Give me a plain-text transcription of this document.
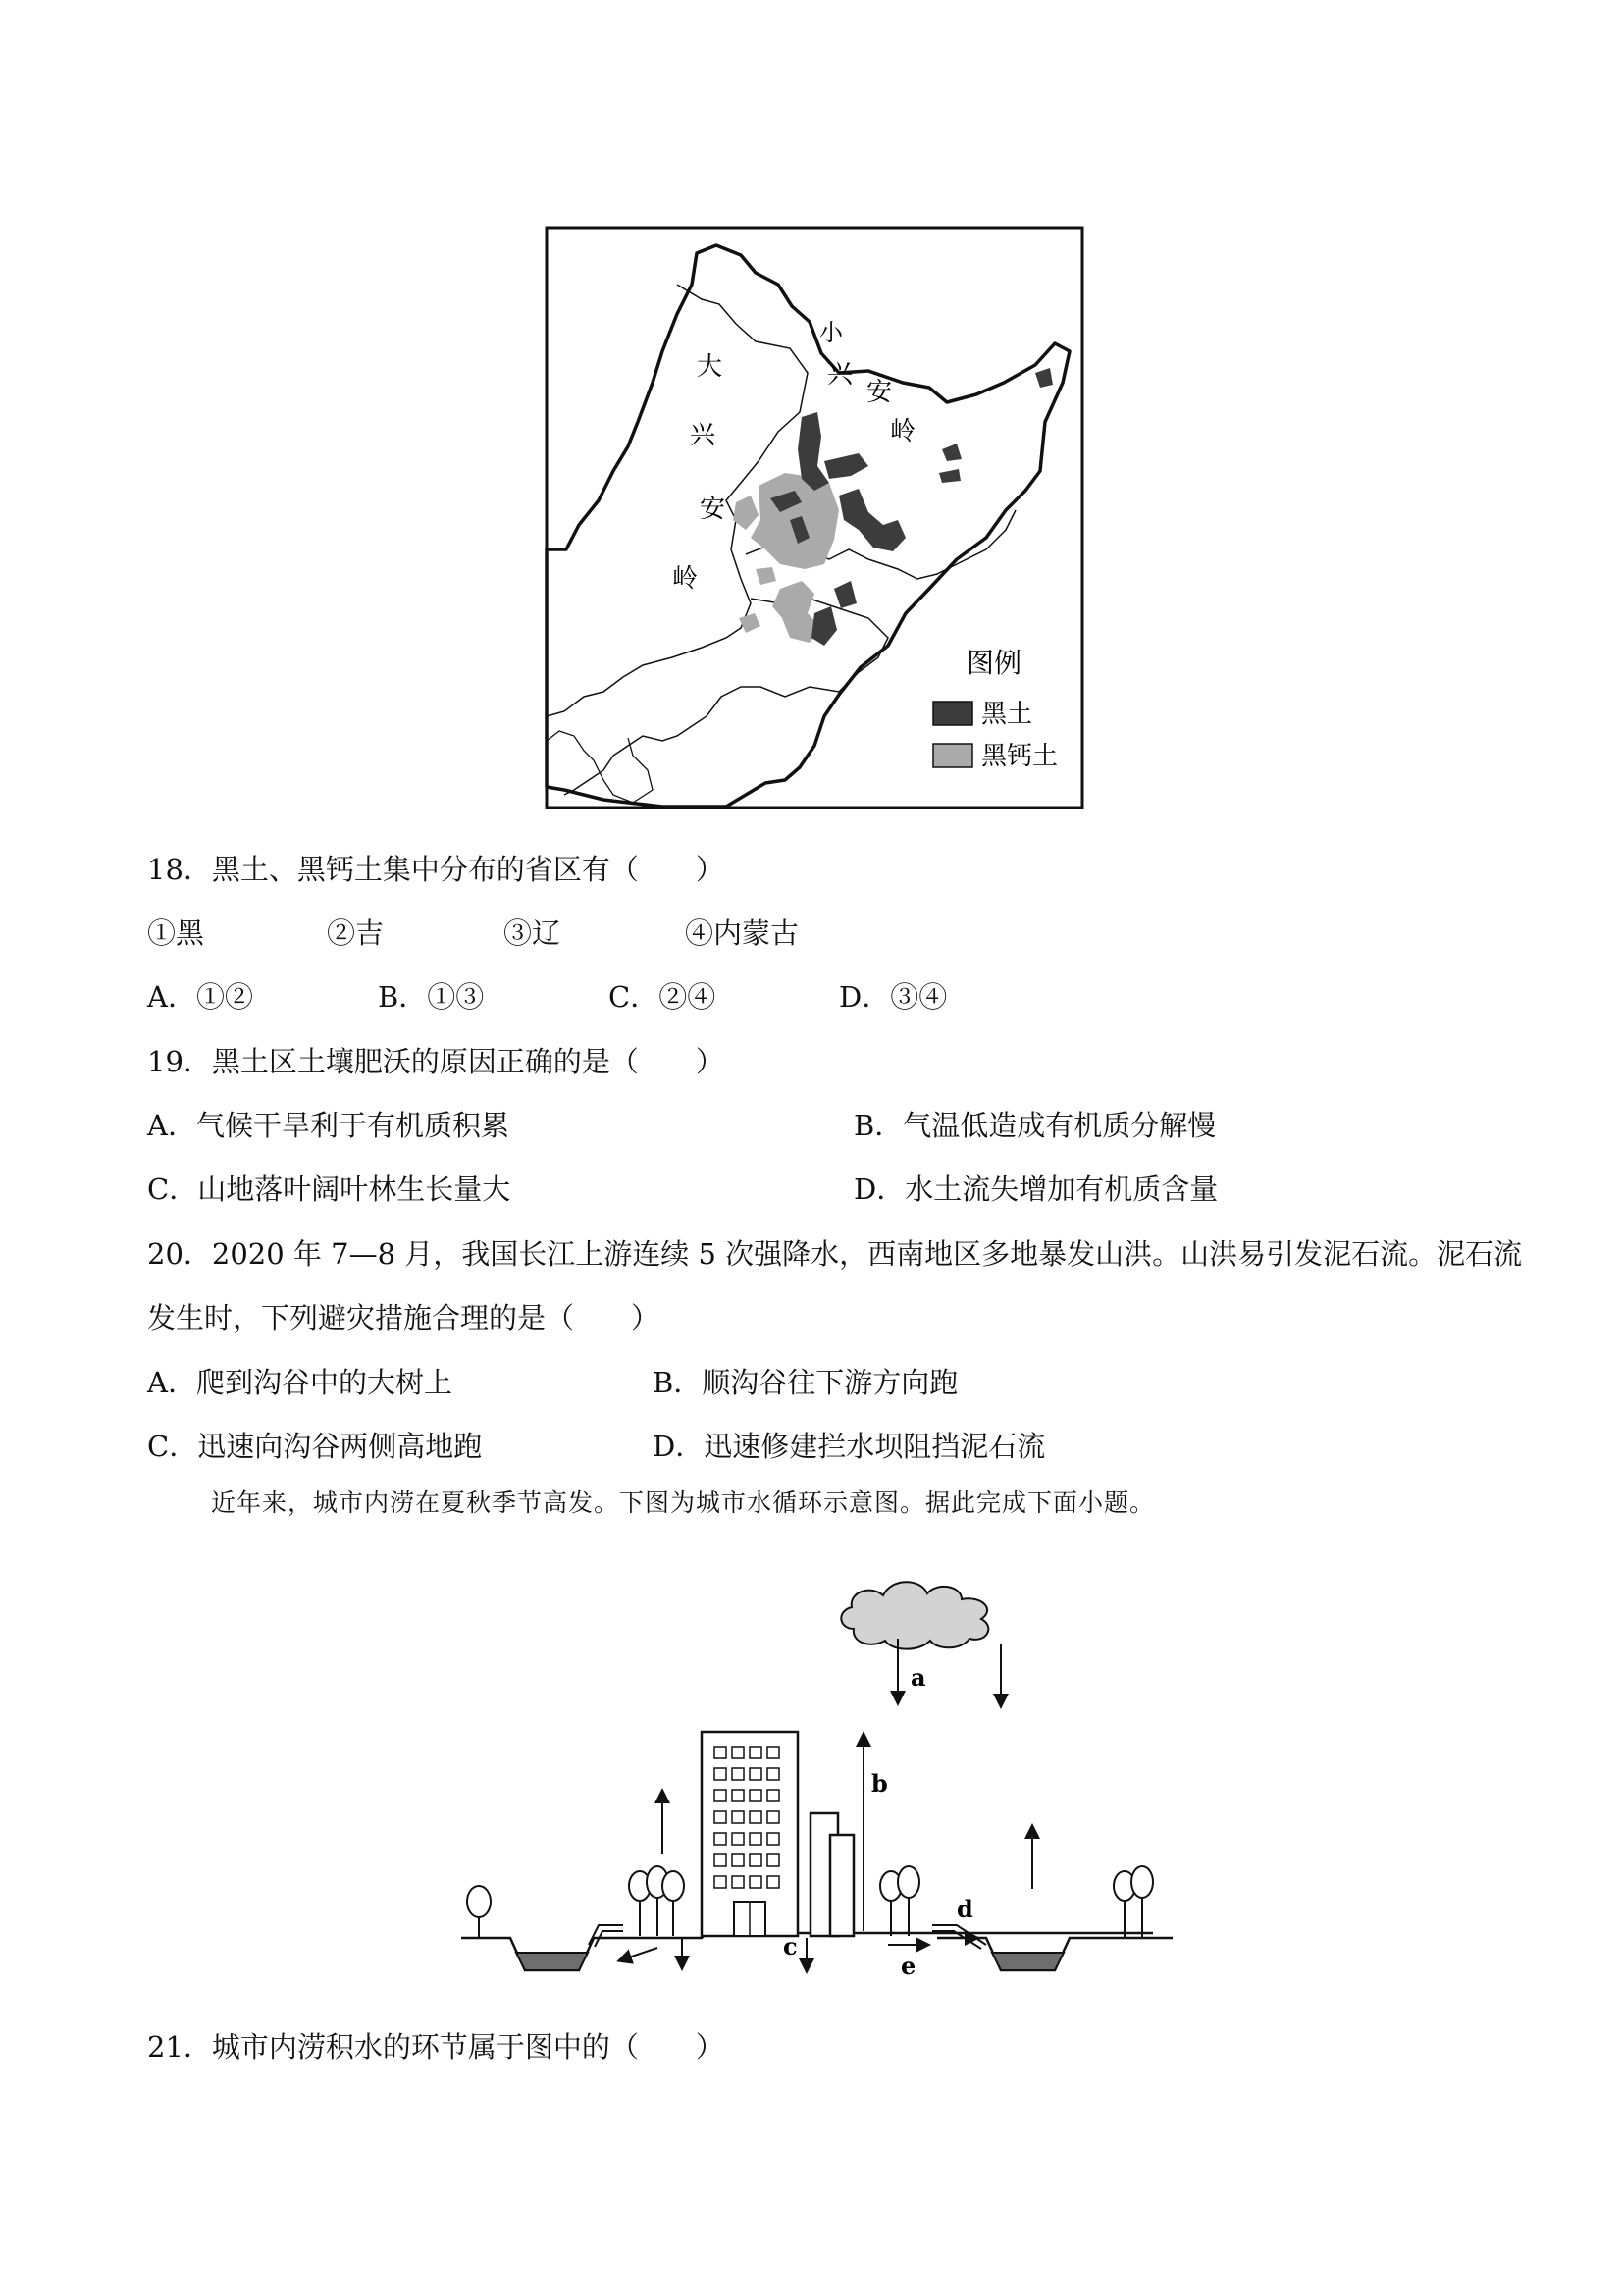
大
兴
安
岭
小
兴
安
岭
图例
黑土
黑钙土
18．黑土、黑钙土集中分布的省区有（　　）
①黑	②吉	③辽	④内蒙古
A．①②	B．①③	C．②④	D．③④
19．黑土区土壤肥沃的原因正确的是（　　）
A．气候干旱利于有机质积累	B．气温低造成有机质分解慢
C．山地落叶阔叶林生长量大	D．水土流失增加有机质含量
20．2020 年 7—8 月，我国长江上游连续 5 次强降水，西南地区多地暴发山洪。山洪易引发泥石流。泥石流
发生时，下列避灾措施合理的是（　　）
A．爬到沟谷中的大树上	B．顺沟谷往下游方向跑
C．迅速向沟谷两侧高地跑	D．迅速修建拦水坝阻挡泥石流
近年来，城市内涝在夏秋季节高发。下图为城市水循环示意图。据此完成下面小题。
a
b
c
d
e
21．城市内涝积水的环节属于图中的（　　）
